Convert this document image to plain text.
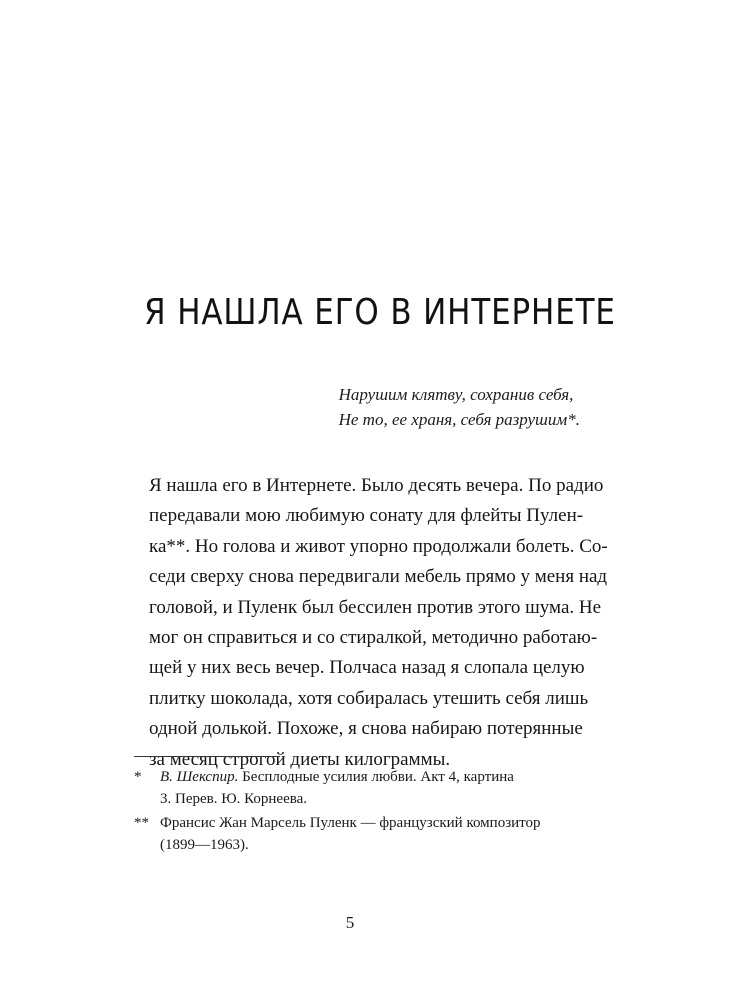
Я НАШЛА ЕГО В ИНТЕРНЕТЕ
Нарушим клятву, сохранив себя,
Не то, ее храня, себя разрушим*.
Я нашла его в Интернете. Было десять вечера. По радио
передавали мою любимую сонату для флейты Пулен-
ка**. Но голова и живот упорно продолжали болеть. Со-
седи сверху снова передвигали мебель прямо у меня над
головой, и Пуленк был бессилен против этого шума. Не
мог он справиться и со стиралкой, методично работаю-
щей у них весь вечер. Полчаса назад я слопала целую
плитку шоколада, хотя собиралась утешить себя лишь
одной долькой. Похоже, я снова набираю потерянные
за месяц строгой диеты килограммы.
* В. Шекспир. Бесплодные усилия любви. Акт 4, картина
3. Перев. Ю. Корнеева.
** Франсис Жан Марсель Пуленк — французский композитор
(1899—1963).
5
